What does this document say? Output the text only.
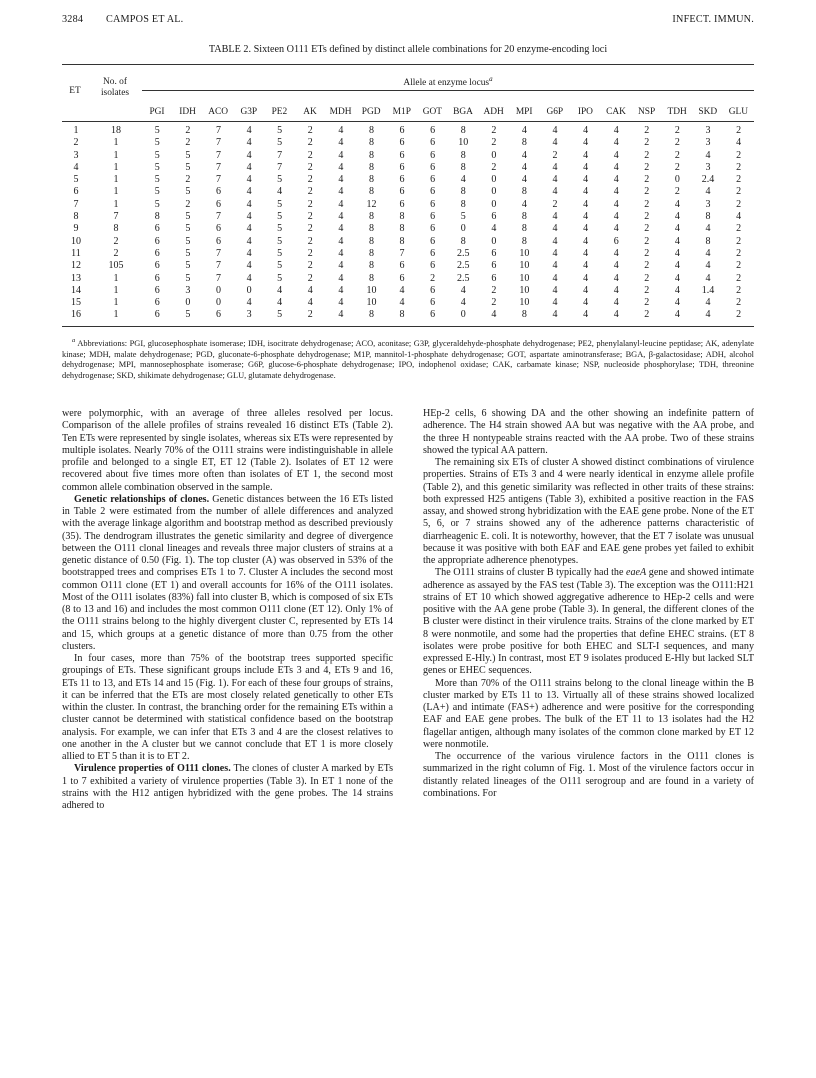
3284 CAMPOS ET AL.	INFECT. IMMUN.
TABLE 2. Sixteen O111 ETs defined by distinct allele combinations for 20 enzyme-encoding loci
ET
No. of
isolates
Allele at enzyme locus$^a$
PGI	IDH	ACO	G3P	PE2	AK	MDH	PGD	M1P	GOT	BGA	ADH	MPI	G6P	IPO	CAK	NSP	TDH	SKD	GLU
1	18	5	2	7	4	5	2	4	8	6	6	8	2	4	4	4	4	2	2	3	2
2	1	5	2	7	4	5	2	4	8	6	6	10	2	8	4	4	4	2	2	3	4
3	1	5	5	7	4	7	2	4	8	6	6	8	0	4	2	4	4	2	2	4	2
4	1	5	5	7	4	7	2	4	8	6	6	8	2	4	4	4	4	2	2	3	2
5	1	5	2	7	4	5	2	4	8	6	6	4	0	4	4	4	4	2	0	2.4	2
6	1	5	5	6	4	4	2	4	8	6	6	8	0	8	4	4	4	2	2	4	2
7	1	5	2	6	4	5	2	4	12	6	6	8	0	4	2	4	4	2	4	3	2
8	7	8	5	7	4	5	2	4	8	8	6	5	6	8	4	4	4	2	4	8	4
9	8	6	5	6	4	5	2	4	8	8	6	0	4	8	4	4	4	2	4	4	2
10	2	6	5	6	4	5	2	4	8	8	6	8	0	8	4	4	6	2	4	8	2
11	2	6	5	7	4	5	2	4	8	7	6	2.5	6	10	4	4	4	2	4	4	2
12	105	6	5	7	4	5	2	4	8	6	6	2.5	6	10	4	4	4	2	4	4	2
13	1	6	5	7	4	5	2	4	8	6	2	2.5	6	10	4	4	4	2	4	4	2
14	1	6	3	0	0	4	4	4	10	4	6	4	2	10	4	4	4	2	4	1.4	2
15	1	6	0	0	4	4	4	4	10	4	6	4	2	10	4	4	4	2	4	4	2
16	1	6	5	6	3	5	2	4	8	8	6	0	4	8	4	4	4	2	4	4	2
$^a$ Abbreviations: PGI, glucosephosphate isomerase; IDH, isocitrate dehydrogenase; ACO, aconitase; G3P, glyceraldehyde-phosphate dehydrogenase; PE2, phenylalanyl-leucine peptidase; AK, adenylate kinase; MDH, malate dehydrogenase; PGD, gluconate-6-phosphate dehydrogenase; M1P, mannitol-1-phosphate dehydrogenase; GOT, aspartate aminotransferase; BGA, β-galactosidase; ADH, alcohol dehydrogenase; MPI, mannosephosphate isomerase; G6P, glucose-6-phosphate dehydrogenase; IPO, indophenol oxidase; CAK, carbamate kinase; NSP, nucleoside phosphorylase; TDH, threonine dehydrogenase; SKD, shikimate dehydrogenase; GLU, glutamate dehydrogenase.

were polymorphic, with an average of three alleles resolved per locus. Comparison of the allele profiles of strains revealed 16 distinct ETs (Table 2). Ten ETs were represented by single isolates, whereas six ETs were represented by multiple isolates. Nearly 70% of the O111 strains were indistinguishable in allele profile and belonged to a single ET, ET 12 (Table 2). Isolates of ET 12 were recovered about five times more often than isolates of ET 1, the second most common allele combination observed in the sample.

Genetic relationships of clones. Genetic distances between the 16 ETs listed in Table 2 were estimated from the number of allele differences and analyzed with the average linkage algorithm and bootstrap method as described previously (35). The dendrogram illustrates the genetic similarity and degree of divergence between the O111 clonal lineages and reveals three major clusters of strains at a genetic distance of 0.50 (Fig. 1). The top cluster (A) was observed in 53% of the bootstrapped trees and comprises ETs 1 to 7. Cluster A includes the second most common O111 clone (ET 1) and overall accounts for 16% of the O111 isolates. Most of the O111 isolates (83%) fall into cluster B, which is composed of six ETs (8 to 13 and 16) and includes the most common O111 clone (ET 12). Only 1% of the O111 strains belong to the highly divergent cluster C, represented by ETs 14 and 15, which groups at a genetic distance of more than 0.75 from the other clusters.

In four cases, more than 75% of the bootstrap trees supported specific groupings of ETs. These significant groups include ETs 3 and 4, ETs 9 and 16, ETs 11 to 13, and ETs 14 and 15 (Fig. 1). For each of these four groups of strains, it can be inferred that the ETs are most closely related genetically to other ETs within the cluster. In contrast, the branching order for the remaining ETs within a cluster cannot be determined with statistical confidence based on the bootstrap analysis. For example, we can infer that ETs 3 and 4 are the closest relatives to one another in the A cluster but we cannot conclude that ET 1 is more closely allied to ET 5 than it is to ET 2.

Virulence properties of O111 clones. The clones of cluster A marked by ETs 1 to 7 exhibited a variety of virulence properties (Table 3). In ET 1 none of the strains with the H12 antigen hybridized with the gene probes. The 14 strains adhered to

HEp-2 cells, 6 showing DA and the other showing an indefinite pattern of adherence. The H4 strain showed AA but was negative with the AA probe, and the three H nontypeable strains reacted with the AA probe. Two of these strains showed the typical AA pattern.

The remaining six ETs of cluster A showed distinct combinations of virulence properties. Strains of ETs 3 and 4 were nearly identical in enzyme allele profile (Table 2), and this genetic similarity was reflected in other traits of these strains: both expressed H25 antigens (Table 3), exhibited a positive reaction in the FAS assay, and showed strong hybridization with the EAE gene probe. None of the ET 5, 6, or 7 strains showed any of the adherence patterns characteristic of diarrheagenic E. coli. It is noteworthy, however, that the ET 7 isolate was unusual because it was positive with both EAF and EAE gene probes yet failed to exhibit the appropriate adherence phenotypes.

The O111 strains of cluster B typically had the eaeA gene and showed intimate adherence as assayed by the FAS test (Table 3). The exception was the O111:H21 strains of ET 10 which showed aggregative adherence to HEp-2 cells and were positive with the AA gene probe (Table 3). In general, the different clones of the B cluster were distinct in their virulence traits. Strains of the clone marked by ET 8 were nonmotile, and some had the properties that define EHEC strains. (ET 8 isolates were probe positive for both EHEC and SLT-I sequences, and many expressed E-Hly.) In contrast, most ET 9 isolates produced E-Hly but lacked SLT genes or EHEC sequences.

More than 70% of the O111 strains belong to the clonal lineage within the B cluster marked by ETs 11 to 13. Virtually all of these strains showed localized (LA+) and intimate (FAS+) adherence and were positive for the corresponding EAF and EAE gene probes. The bulk of the ET 11 to 13 isolates had the H2 flagellar antigen, although many isolates of the common clone marked by ET 12 were nonmotile.

The occurrence of the various virulence factors in the O111 clones is summarized in the right column of Fig. 1. Most of the virulence factors occur in distantly related lineages of the O111 serogroup and are found in a variety of combinations. For
